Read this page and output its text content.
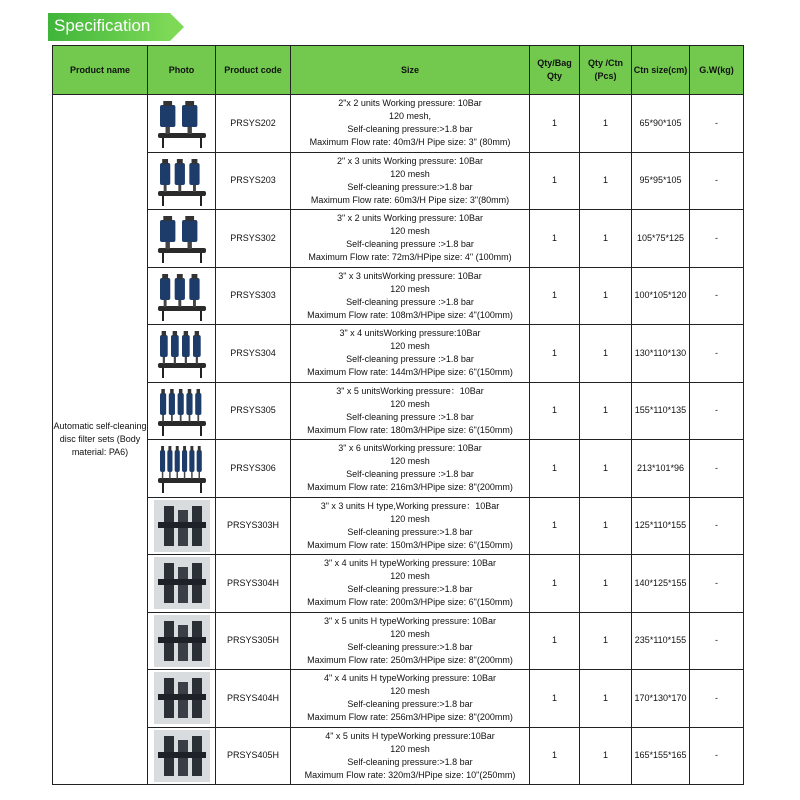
Specification
Product name	Photo	Product code	Size	Qty/Bag Qty	Qty /Ctn (Pcs)	Ctn size(cm)	G.W(kg)
Automatic self-cleaning disc filter sets (Body material: PA6)		PRSYS202	2"x 2 units Working pressure: 10Bar
120 mesh,
Self-cleaning pressure:>1.8 bar
Maximum Flow rate: 40m3/H Pipe size: 3" (80mm)	1	1	65*90*105	-

	PRSYS203	2" x 3 units Working pressure: 10Bar
120 mesh
Self-cleaning pressure:>1.8 bar
Maximum Flow rate: 60m3/H Pipe size: 3"(80mm)	1	1	95*95*105	-

	PRSYS302	3" x 2 units Working pressure: 10Bar
120 mesh
Self-cleaning pressure :>1.8 bar
Maximum Flow rate: 72m3/HPipe size: 4" (100mm)	1	1	105*75*125	-

	PRSYS303	3" x 3 unitsWorking pressure: 10Bar
120 mesh
Self-cleaning pressure :>1.8 bar
Maximum Flow rate: 108m3/HPipe size: 4"(100mm)	1	1	100*105*120	-

	PRSYS304	3" x 4 unitsWorking pressure:10Bar
120 mesh
Self-cleaning pressure :>1.8 bar
Maximum Flow rate: 144m3/HPipe size: 6"(150mm)	1	1	130*110*130	-

	PRSYS305	3" x 5 unitsWorking pressure：10Bar
120 mesh
Self-cleaning pressure :>1.8 bar
Maximum Flow rate: 180m3/HPipe size: 6"(150mm)	1	1	155*110*135	-

	PRSYS306	3" x 6 unitsWorking pressure: 10Bar
120 mesh
Self-cleaning pressure :>1.8 bar
Maximum Flow rate: 216m3/HPipe size: 8"(200mm)	1	1	213*101*96	-

	PRSYS303H	3" x 3 units H type,Working pressure：10Bar
120 mesh
Self-cleaning pressure:>1.8 bar
Maximum Flow rate: 150m3/HPipe size: 6"(150mm)	1	1	125*110*155	-

	PRSYS304H	3" x 4 units H typeWorking pressure: 10Bar
120 mesh
Self-cleaning pressure:>1.8 bar
Maximum Flow rate: 200m3/HPipe size: 6"(150mm)	1	1	140*125*155	-

	PRSYS305H	3" x 5 units H typeWorking pressure: 10Bar
120 mesh
Self-cleaning pressure:>1.8 bar
Maximum Flow rate: 250m3/HPipe size: 8"(200mm)	1	1	235*110*155	-

	PRSYS404H	4" x 4 units H typeWorking pressure: 10Bar
120 mesh
Self-cleaning pressure:>1.8 bar
Maximum Flow rate: 256m3/HPipe size: 8"(200mm)	1	1	170*130*170	-

	PRSYS405H	4" x 5 units H typeWorking pressure:10Bar
120 mesh
Self-cleaning pressure:>1.8 bar
Maximum Flow rate: 320m3/HPipe size: 10"(250mm)	1	1	165*155*165	-
